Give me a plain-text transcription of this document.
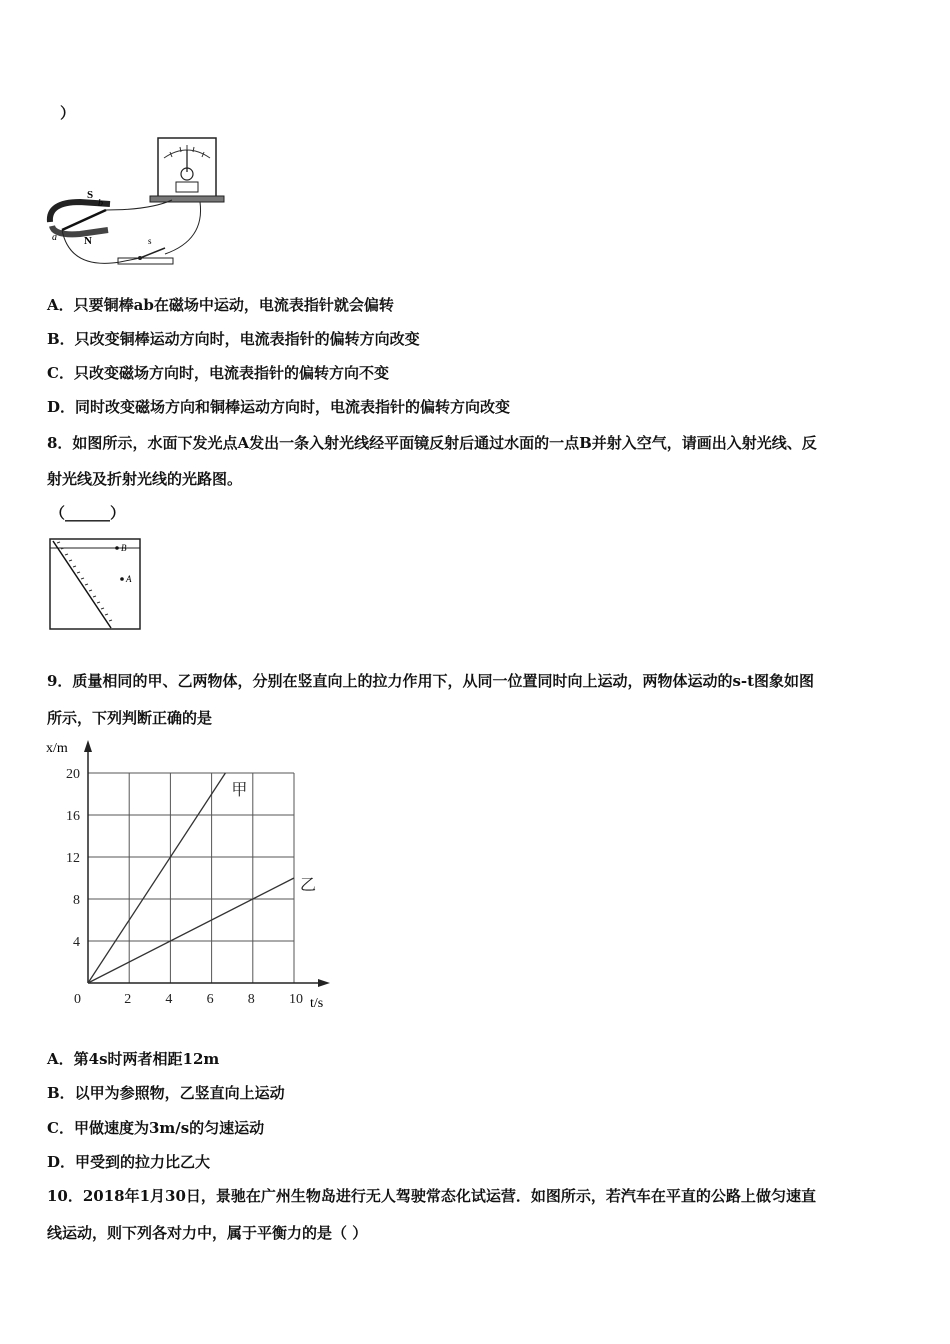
）
S
N
a
b
s
A．只要铜棒ab在磁场中运动，电流表指针就会偏转
B．只改变铜棒运动方向时，电流表指针的偏转方向改变
C．只改变磁场方向时，电流表指针的偏转方向不变
D．同时改变磁场方向和铜棒运动方向时，电流表指针的偏转方向改变
8．如图所示，水面下发光点A发出一条入射光线经平面镜反射后通过水面的一点B并射入空气，请画出入射光线、反
射光线及折射光线的光路图。
（______）
B
A
9．质量相同的甲、乙两物体，分别在竖直向上的拉力作用下，从同一位置同时向上运动，两物体运动的s-t图象如图
所示，下列判断正确的是
t/s
x/m
0	2 4 6 8 10
4
8
12
16
20
甲
乙
A．第4s时两者相距12m
B．以甲为参照物，乙竖直向上运动
C．甲做速度为3m/s的匀速运动
D．甲受到的拉力比乙大
10．2018年1月30日，景驰在广州生物岛进行无人驾驶常态化试运营．如图所示，若汽车在平直的公路上做匀速直
线运动，则下列各对力中，属于平衡力的是（ ）
